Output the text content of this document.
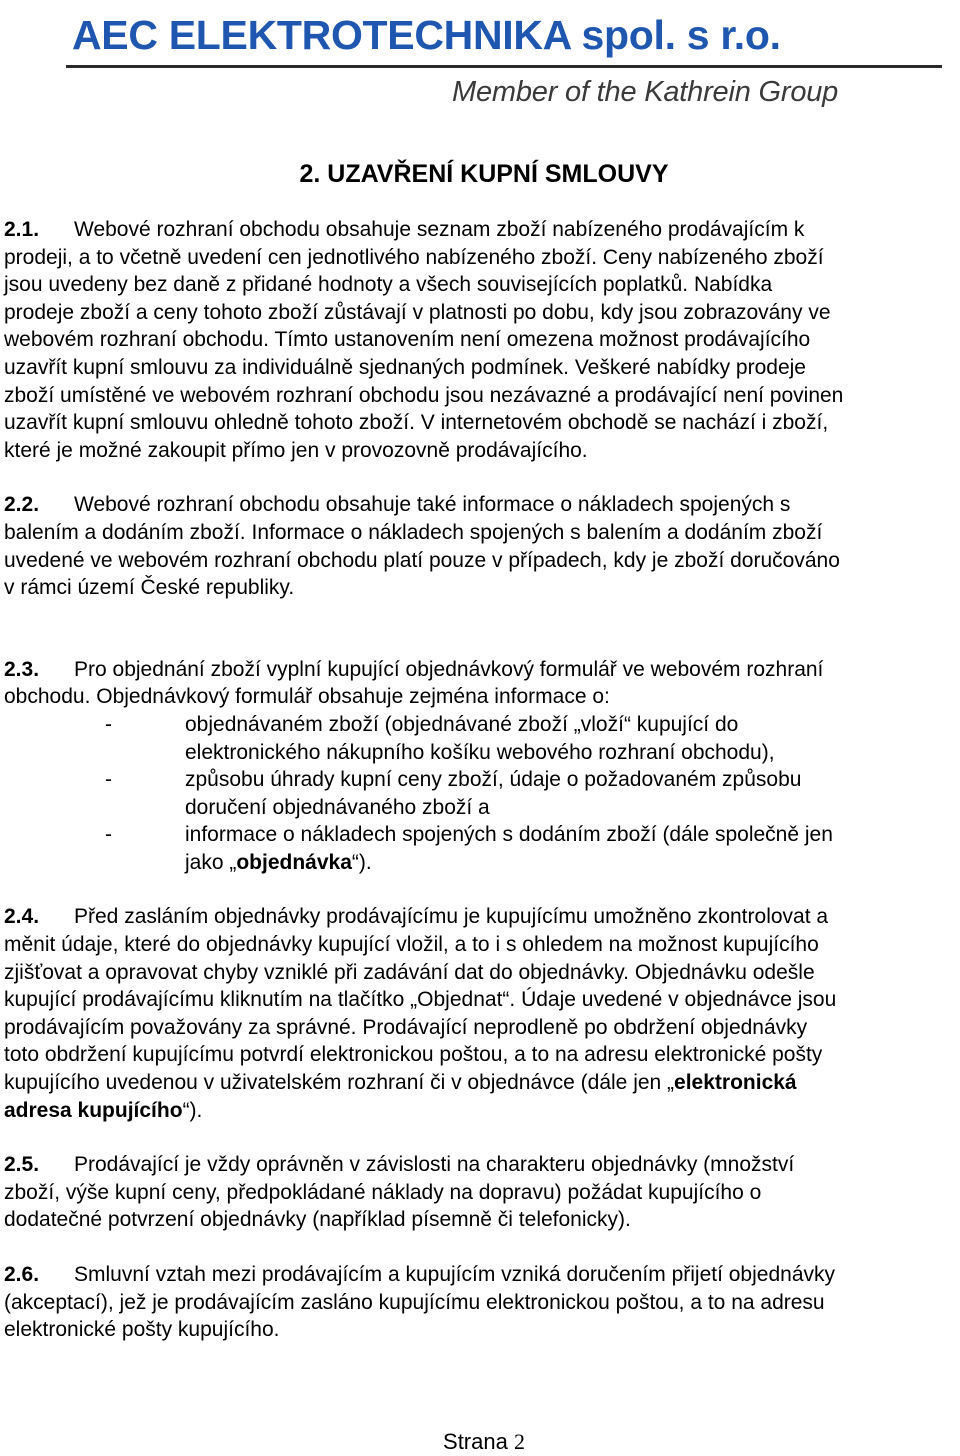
AEC ELEKTROTECHNIKA spol. s r.o.
Member of the Kathrein Group
2. UZAVŘENÍ KUPNÍ SMLOUVY
2.1. Webové rozhraní obchodu obsahuje seznam zboží nabízeného prodávajícím k
prodeji, a to včetně uvedení cen jednotlivého nabízeného zboží. Ceny nabízeného zboží
jsou uvedeny bez daně z přidané hodnoty a všech souvisejících poplatků. Nabídka
prodeje zboží a ceny tohoto zboží zůstávají v platnosti po dobu, kdy jsou zobrazovány ve
webovém rozhraní obchodu. Tímto ustanovením není omezena možnost prodávajícího
uzavřít kupní smlouvu za individuálně sjednaných podmínek. Veškeré nabídky prodeje
zboží umístěné ve webovém rozhraní obchodu jsou nezávazné a prodávající není povinen
uzavřít kupní smlouvu ohledně tohoto zboží. V internetovém obchodě se nachází i zboží,
které je možné zakoupit přímo jen v provozovně prodávajícího.
2.2. Webové rozhraní obchodu obsahuje také informace o nákladech spojených s
balením a dodáním zboží. Informace o nákladech spojených s balením a dodáním zboží
uvedené ve webovém rozhraní obchodu platí pouze v případech, kdy je zboží doručováno
v rámci území České republiky.
2.3. Pro objednání zboží vyplní kupující objednávkový formulář ve webovém rozhraní
obchodu. Objednávkový formulář obsahuje zejména informace o:
-	objednávaném zboží (objednávané zboží „vloží“ kupující do
elektronického nákupního košíku webového rozhraní obchodu),
-	způsobu úhrady kupní ceny zboží, údaje o požadovaném způsobu
doručení objednávaného zboží a
-	informace o nákladech spojených s dodáním zboží (dále společně jen
jako „objednávka“).
2.4. Před zasláním objednávky prodávajícímu je kupujícímu umožněno zkontrolovat a
měnit údaje, které do objednávky kupující vložil, a to i s ohledem na možnost kupujícího
zjišťovat a opravovat chyby vzniklé při zadávání dat do objednávky. Objednávku odešle
kupující prodávajícímu kliknutím na tlačítko „Objednat“. Údaje uvedené v objednávce jsou
prodávajícím považovány za správné. Prodávající neprodleně po obdržení objednávky
toto obdržení kupujícímu potvrdí elektronickou poštou, a to na adresu elektronické pošty
kupujícího uvedenou v uživatelském rozhraní či v objednávce (dále jen „elektronická
adresa kupujícího“).
2.5. Prodávající je vždy oprávněn v závislosti na charakteru objednávky (množství
zboží, výše kupní ceny, předpokládané náklady na dopravu) požádat kupujícího o
dodatečné potvrzení objednávky (například písemně či telefonicky).
2.6. Smluvní vztah mezi prodávajícím a kupujícím vzniká doručením přijetí objednávky
(akceptací), jež je prodávajícím zasláno kupujícímu elektronickou poštou, a to na adresu
elektronické pošty kupujícího.
Strana 2
